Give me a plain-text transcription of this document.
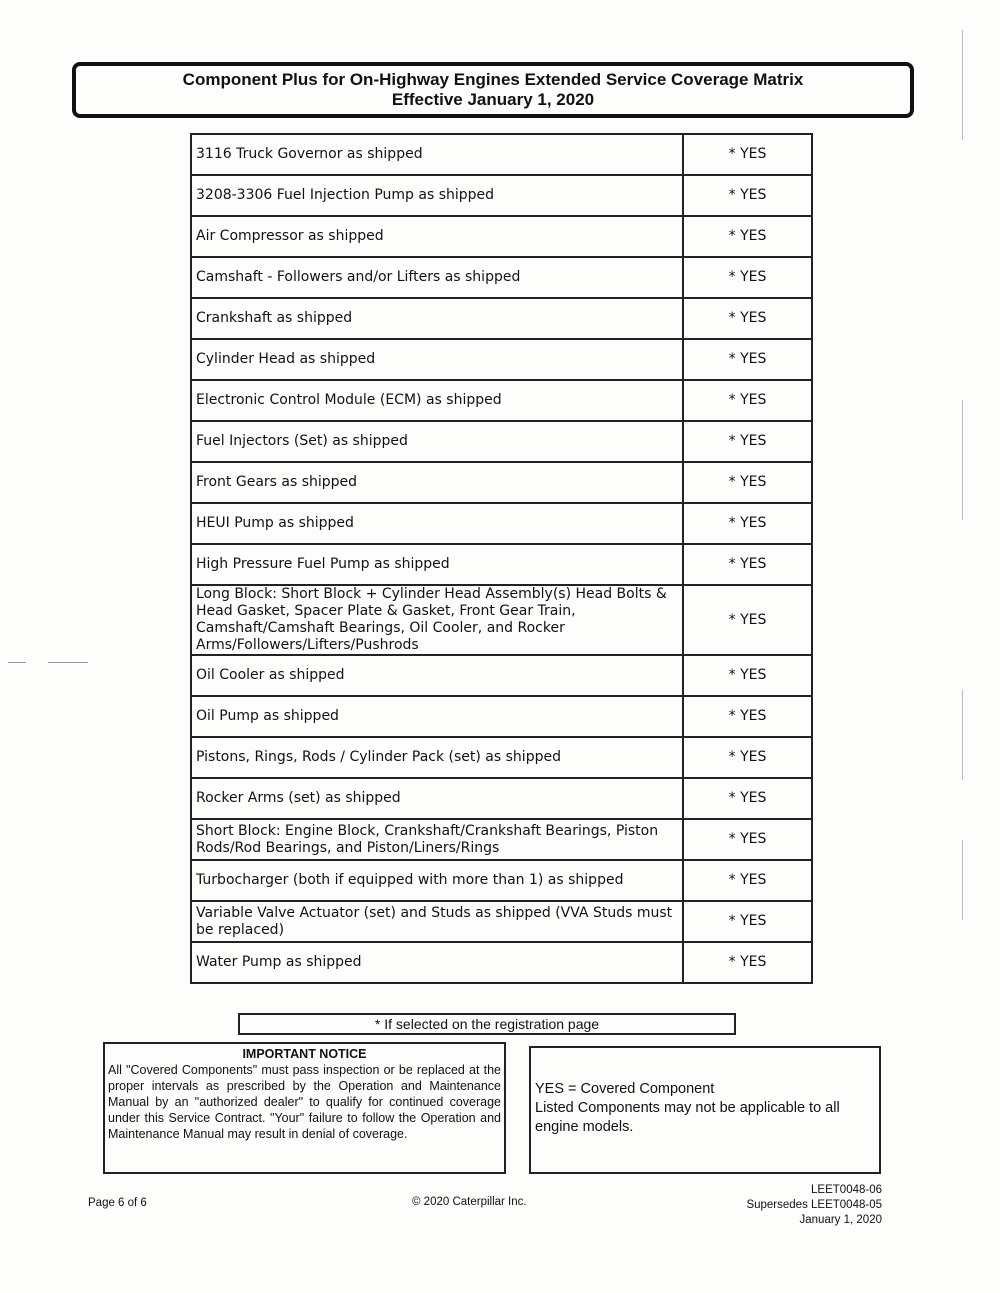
Component Plus for On-Highway Engines Extended Service Coverage Matrix
Effective January 1, 2020
3116 Truck Governor as shipped	* YES
3208-3306 Fuel Injection Pump as shipped	* YES
Air Compressor as shipped	* YES
Camshaft - Followers and/or Lifters as shipped	* YES
Crankshaft as shipped	* YES
Cylinder Head as shipped	* YES
Electronic Control Module (ECM) as shipped	* YES
Fuel Injectors (Set) as shipped	* YES
Front Gears as shipped	* YES
HEUI Pump as shipped	* YES
High Pressure Fuel Pump as shipped	* YES
Long Block: Short Block + Cylinder Head Assembly(s) Head Bolts & Head Gasket, Spacer Plate & Gasket, Front Gear Train, Camshaft/Camshaft Bearings, Oil Cooler, and Rocker Arms/Followers/Lifters/Pushrods	* YES
Oil Cooler as shipped	* YES
Oil Pump as shipped	* YES
Pistons, Rings, Rods / Cylinder Pack (set) as shipped	* YES
Rocker Arms (set) as shipped	* YES
Short Block: Engine Block, Crankshaft/Crankshaft Bearings, Piston Rods/Rod Bearings, and Piston/Liners/Rings	* YES
Turbocharger (both if equipped with more than 1) as shipped	* YES
Variable Valve Actuator (set) and Studs as shipped (VVA Studs must be replaced)	* YES
Water Pump as shipped	* YES
* If selected on the registration page
IMPORTANT NOTICE
All "Covered Components" must pass inspection or be replaced at the proper intervals as prescribed by the Operation and Maintenance Manual by an "authorized dealer" to qualify for continued coverage under this Service Contract. "Your" failure to follow the Operation and Maintenance Manual may result in denial of coverage.
YES = Covered Component
Listed Components may not be applicable to all engine models.
Page 6 of 6	© 2020 Caterpillar Inc.
LEET0048-06
Supersedes LEET0048-05
January 1, 2020
